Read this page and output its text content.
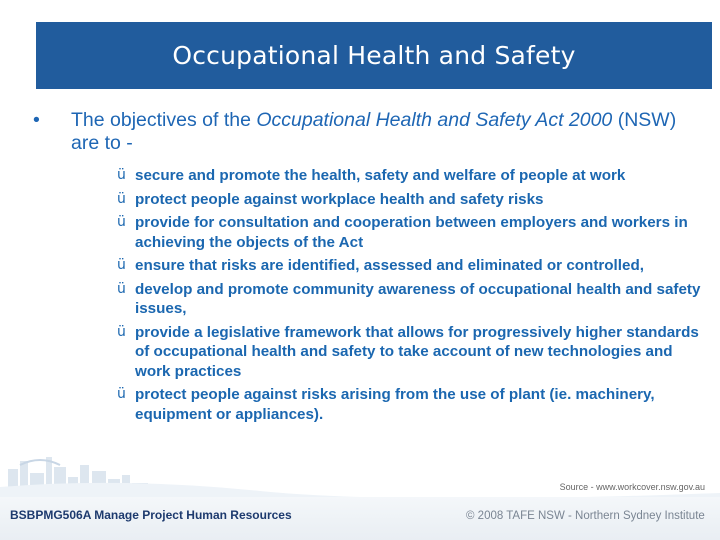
Occupational Health and Safety
• The objectives of the Occupational Health and Safety Act 2000 (NSW) are to -
ü secure and promote the health, safety and welfare of people at work
ü protect people against workplace health and safety risks
ü provide for consultation and cooperation between employers and workers in achieving the objects of the Act
ü ensure that risks are identified, assessed and eliminated or controlled,
ü develop and promote community awareness of occupational health and safety issues,
ü provide a legislative framework that allows for progressively higher standards of occupational health and safety to take account of new technologies and work practices
ü protect people against risks arising from the use of plant (ie. machinery, equipment or appliances).
Source - www.workcover.nsw.gov.au
BSBPMG506A Manage Project Human Resources	© 2008 TAFE NSW - Northern Sydney Institute
